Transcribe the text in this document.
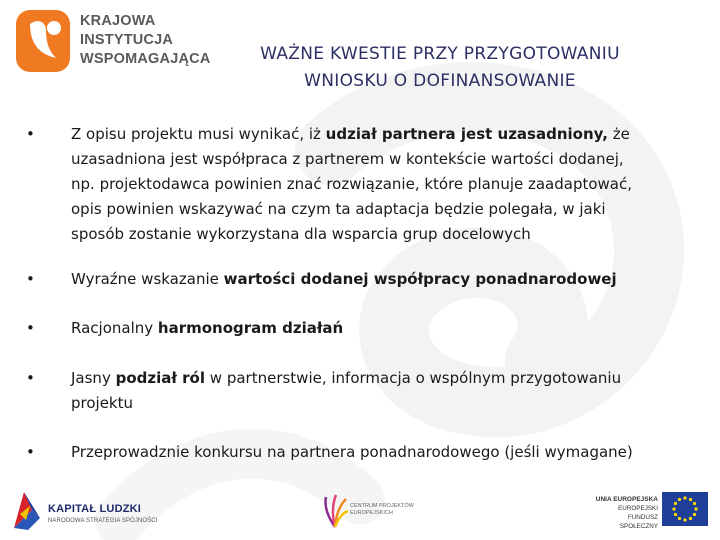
KRAJOWA
INSTYTUCJA
WSPOMAGAJĄCA	WAŻNE KWESTIE PRZY PRZYGOTOWANIU
WNIOSKU O DOFINANSOWANIE
•	Z opisu projektu musi wynikać, iż udział partnera jest uzasadniony, że
uzasadniona jest współpraca z partnerem w kontekście wartości dodanej,
np. projektodawca powinien znać rozwiązanie, które planuje zaadaptować,
opis powinien wskazywać na czym ta adaptacja będzie polegała, w jaki
sposób zostanie wykorzystana dla wsparcia grup docelowych
•	Wyraźne wskazanie wartości dodanej współpracy ponadnarodowej
•	Racjonalny harmonogram działań
•	Jasny podział ról w partnerstwie, informacja o wspólnym przygotowaniu
projektu
•	Przeprowadznie konkursu na partnera ponadnarodowego (jeśli wymagane)
KAPITAŁ LUDZKI
NARODOWA STRATEGIA SPÓJNOŚCI
CENTRUM PROJEKTÓW
EUROPEJSKICH
UNIA EUROPEJSKA
EUROPEJSKI
FUNDUSZ SPOŁECZNY
